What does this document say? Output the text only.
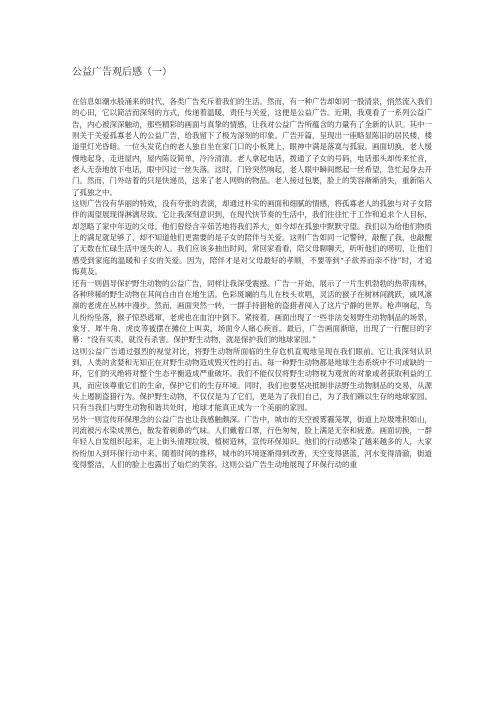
公益广告观后感（一）

在信息如潮水般涌来的时代，各类广告充斥着我们的生活。然而，有一种广告却如同一股清泉，悄然流入我们的心田，它以简洁而深刻的方式，传递着温暖、责任与关爱，这便是公益广告。近期，我观看了一系列公益广告，内心被深深触动，那些精彩的画面与真挚的情感，让我对公益广告所蕴含的力量有了全新的认识。其中一则关于关爱孤寡老人的公益广告，给我留下了极为深刻的印象。广告开篇，呈现出一座略显陈旧的居民楼，楼道里灯光昏暗。一位头发花白的老人独自坐在家门口的小板凳上，眼神中满是落寞与孤寂。画面切换，老人缓慢地起身，走进屋内，屋内陈设简单，冷冷清清。老人拿起电话，拨通了子女的号码，电话那头却传来忙音，老人无奈地放下电话，眼中闪过一丝失落。这时，门铃突然响起，老人眼中瞬间燃起一丝希望，急忙起身去开门。然而，门外站着的只是快递员，送来了老人网购的物品。老人接过包裹，脸上的笑容渐渐消失，重新陷入了孤独之中。

这则广告没有华丽的特效，没有夸张的表演，却通过朴实的画面和细腻的情感，将孤寡老人的孤独与对子女陪伴的渴望展现得淋漓尽致。它让我深刻意识到，在现代快节奏的生活中，我们往往忙于工作和追求个人目标，却忽略了家中年迈的父母。他们曾经含辛茹苦地将我们养大，如今却在孤独中默默守望。我们以为给他们物质上的满足就足够了，却不知道他们更需要的是子女的陪伴与关爱。这则广告如同一记警钟，敲醒了我，也敲醒了无数在忙碌生活中迷失的人。我们应该多抽出时间，常回家看看，陪父母聊聊天，听听他们的唠叨，让他们感受到家庭的温暖和子女的关爱。因为，陪伴才是对父母最好的孝顺，不要等到“子欲养而亲不待”时，才追悔莫及。

还有一则倡导保护野生动物的公益广告，同样让我深受震撼。广告一开始，展示了一片生机勃勃的热带雨林，各种珍稀的野生动物在其间自由自在地生活。色彩斑斓的鸟儿在枝头欢唱，灵活的猴子在树林间跳跃，威风凛凛的老虎在丛林中漫步。然而，画面突然一转，一群手持猎枪的盗猎者闯入了这片宁静的世界。枪声响起，鸟儿纷纷坠落，猴子惊恐逃窜，老虎也在血泊中倒下。紧接着，画面出现了一些非法交易野生动物制品的场景，象牙、犀牛角、虎皮等被摆在摊位上叫卖，场面令人痛心疾首。最后，广告画面渐暗，出现了一行醒目的字幕：“没有买卖，就没有杀害。保护野生动物，就是保护我们的地球家园。”

这则公益广告通过强烈的视觉对比，将野生动物所面临的生存危机直观地呈现在我们眼前。它让我深刻认识到，人类的贪婪和无知正在对野生动物造成毁灭性的打击。每一种野生动物都是地球生态系统中不可或缺的一环，它们的灭绝将对整个生态平衡造成严重破坏。我们不能仅仅将野生动物视为观赏的对象或者获取利益的工具，而应该尊重它们的生命，保护它们的生存环境。同时，我们也要坚决抵制非法野生动物制品的交易，从源头上遏制盗猎行为。保护野生动物，不仅仅是为了它们，更是为了我们自己，为了我们赖以生存的地球家园。只有当我们与野生动物和谐共处时，地球才能真正成为一个美丽的家园。

另外一则宣传环保理念的公益广告也让我感触颇深。广告中，城市的天空被雾霾笼罩，街道上垃圾堆积如山，河流被污水染成黑色，散发着刺鼻的气味。人们戴着口罩，行色匆匆，脸上满是无奈和疲惫。画面切换，一群年轻人自发组织起来，走上街头清理垃圾，植树造林，宣传环保知识。他们的行动感染了越来越多的人，大家纷纷加入到环保行动中来。随着时间的推移，城市的环境逐渐得到改善，天空变得湛蓝，河水变得清澈，街道变得整洁，人们的脸上也露出了灿烂的笑容。这则公益广告生动地展现了环保行动的重
